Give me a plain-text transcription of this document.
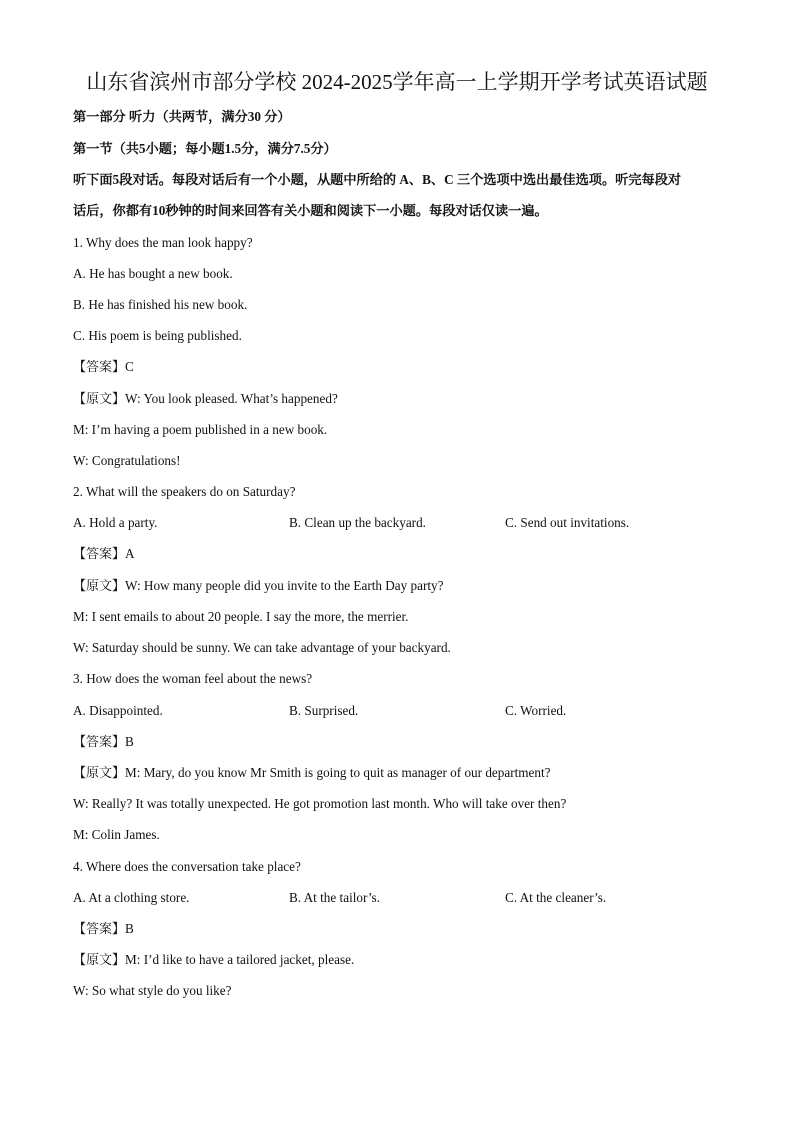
山东省滨州市部分学校 2024-2025学年高一上学期开学考试英语试题
第一部分 听力（共两节，满分30 分）
第一节（共5小题；每小题1.5分，满分7.5分）
听下面5段对话。每段对话后有一个小题，从题中所给的 A、B、C 三个选项中选出最佳选项。听完每段对
话后，你都有10秒钟的时间来回答有关小题和阅读下一小题。每段对话仅读一遍。
1. Why does the man look happy?
A. He has bought a new book.
B. He has finished his new book.
C. His poem is being published.
【答案】C
【原文】W: You look pleased. What’s happened?
M: I’m having a poem published in a new book.
W: Congratulations!
2. What will the speakers do on Saturday?
A. Hold a party.	B. Clean up the backyard.	C. Send out invitations.
【答案】A
【原文】W: How many people did you invite to the Earth Day party?
M: I sent emails to about 20 people. I say the more, the merrier.
W: Saturday should be sunny. We can take advantage of your backyard.
3. How does the woman feel about the news?
A. Disappointed.	B. Surprised.	C. Worried.
【答案】B
【原文】M: Mary, do you know Mr Smith is going to quit as manager of our department?
W: Really? It was totally unexpected. He got promotion last month. Who will take over then?
M: Colin James.
4. Where does the conversation take place?
A. At a clothing store.	B. At the tailor’s.	C. At the cleaner’s.
【答案】B
【原文】M: I’d like to have a tailored jacket, please.
W: So what style do you like?
